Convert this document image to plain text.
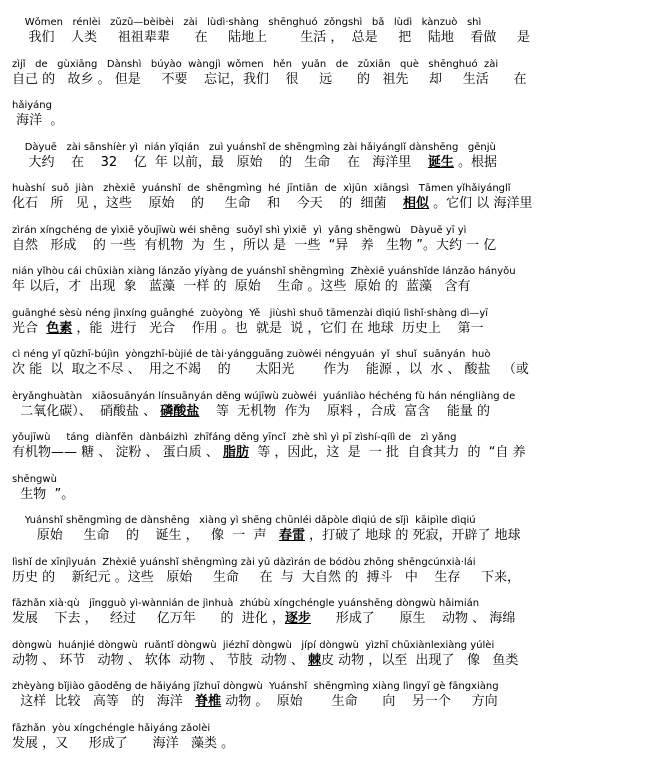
Wǒmen   rénlèi   zǔzǔ—bèibèi   zài   lùdì·shàng   shēnghuó  zǒngshì   bǎ   lùdì   kànzuò   shì
我们    人类     祖祖辈辈      在     陆地上        生活 ，  总是     把    陆地    看做     是
zìjǐ   de   gùxiāng   Dànshì   búyào  wàngjì  wǒmen   hěn   yuǎn   de   zǔxiān   què   shēnghuó  zài
自己 的   故乡 。 但是     不要    忘记，我们    很     远      的   祖先     却     生活      在
hǎiyáng
海洋  。
Dàyuē   zài sānshíèr yì  nián yǐqián   zuì yuánshǐ de shēngmìng zài hǎiyánglǐ dànshēng   gēnjù
大约    在    32    亿  年 以前，最   原始    的   生命    在   海洋里    诞生 。根据
huàshí  suǒ  jiàn   zhèxiē  yuánshǐ  de  shēngmìng  hé  jīntiān  de  xìjūn  xiāngsì   Tāmen yǐhǎiyánglǐ
化石   所   见 ，这些    原始    的     生命    和    今天    的  细菌    相似 。它们 以 海洋里
zìrán xíngchéng de yìxiē yǒujīwù wéi shēng  suǒyǐ shì yìxiē  yì  yǎng shēngwù   Dàyuē yī yì
自然   形成    的 一些  有机物  为  生 ，所以 是  一些  “异   养   生物 ”。大约 一 亿
nián yǐhòu cái chūxiàn xiàng lánzǎo yíyàng de yuánshǐ shēngmìng  Zhèxiē yuánshǐde lánzǎo hányǒu
年 以后，才  出现  象   蓝藻  一样 的  原始    生命 。这些  原始 的  蓝藻   含有
guānghé sèsù néng jìnxíng guānghé  zuòyòng  Yě   jiùshì shuō tāmenzài dìqiú lìshǐ·shàng dì—yī
光合  色素 ，能  进行   光合    作用 。也  就是  说 ，它们 在 地球  历史上    第一
cì néng yǐ qǔzhī-bújìn  yòngzhī-bùjié de tài·yángguāng zuòwéi néngyuán  yǐ  shuǐ  suānyán  huò
次 能  以  取之不尽 、  用之不竭    的      太阳光       作为    能源 ，以  水 、 酸盐   （或
èryǎnghuàtàn   xiāosuānyán línsuānyán děng wújīwù zuòwéi  yuánliào héchéng fù hán néngliàng de
二氧化碳）、  硝酸盐 、 磷酸盐    等  无机物  作为    原料 ，合成  富含    能量 的
yǒujīwù     táng  diànfěn  dànbáizhì  zhīfáng děng yīncǐ  zhè shì yì pī zìshí-qílì de   zì yǎng
有机物—— 糖 、 淀粉 、 蛋白质 、 脂肪  等 ，因此，这  是  一 批  自食其力  的  “自 养
shēngwù
生物  ”。
Yuánshǐ shēngmìng de dànshēng   xiàng yì shēng chūnléi dǎpòle dìqiú de sǐjì  kāipìle dìqiú
原始     生命    的    诞生 ，   像  一  声   春雷 ，打破了 地球 的 死寂，开辟了 地球
lìshǐ de xīnjìyuán  Zhèxiē yuánshǐ shēngmìng zài yǔ dàzìrán de bódòu zhōng shēngcúnxià·lái
历史 的    新纪元 。这些   原始     生命     在  与  大自然 的  搏斗   中    生存     下来，
fāzhǎn xià·qù   jīngguò yì-wànnián de jìnhuà  zhúbù xíngchéngle yuánshēng dòngwù hǎimián
发展    下去 ，   经过     亿万年      的  进化 ，逐步      形成了      原生    动物 、 海绵
dòngwù  huánjié dòngwù  ruǎntǐ dòngwù  jiézhī dòngwù   jípí dòngwù  yìzhī chūxiànlexiàng yúlèi
动物 、 环节   动物 、 软体  动物 、 节肢  动物 、 棘皮 动物 ，以至  出现了   像   鱼类
zhèyàng bǐjiào gāoděng de hǎiyáng jǐzhuī dòngwù  Yuánshǐ  shēngmìng xiàng lìngyī gè fāngxiàng
这样  比较   高等   的   海洋   脊椎 动物 。  原始       生命      向    另一个     方向
fāzhǎn  yòu xíngchéngle hǎiyáng zǎolèi
发展 ，又     形成了      海洋   藻类 。
